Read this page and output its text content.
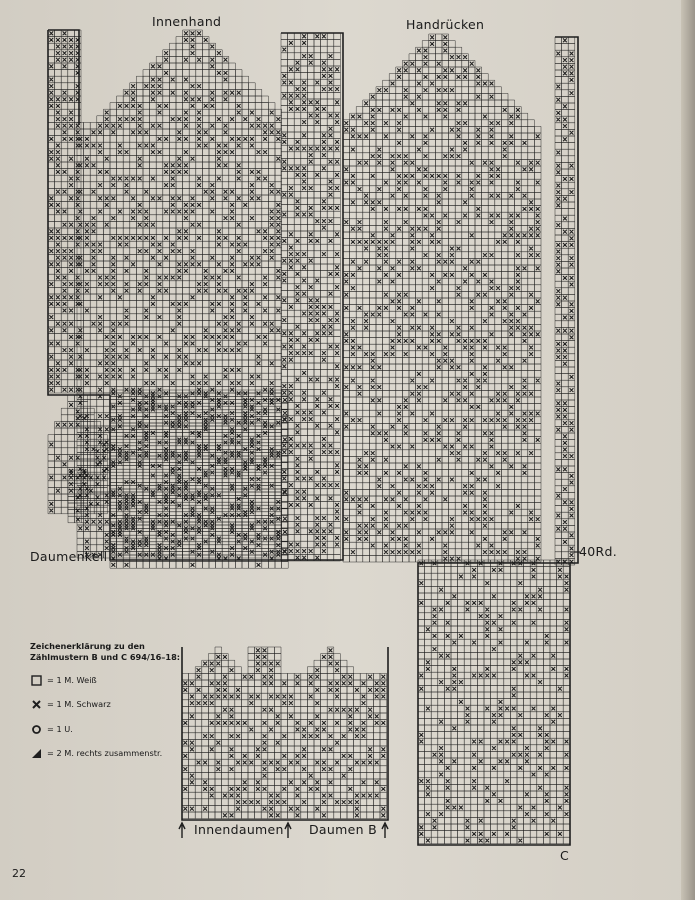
Innenhand	Handrücken
Daumenkeil	40Rd.
C
Innendaumen Daumen B
Zeichenerklärung zu den Zählmustern B und C 694/16–18:
= 1 M. Weiß
= 1 M. Schwarz
= 1 U.
= 2 M. rechts zusammenstr.
22
